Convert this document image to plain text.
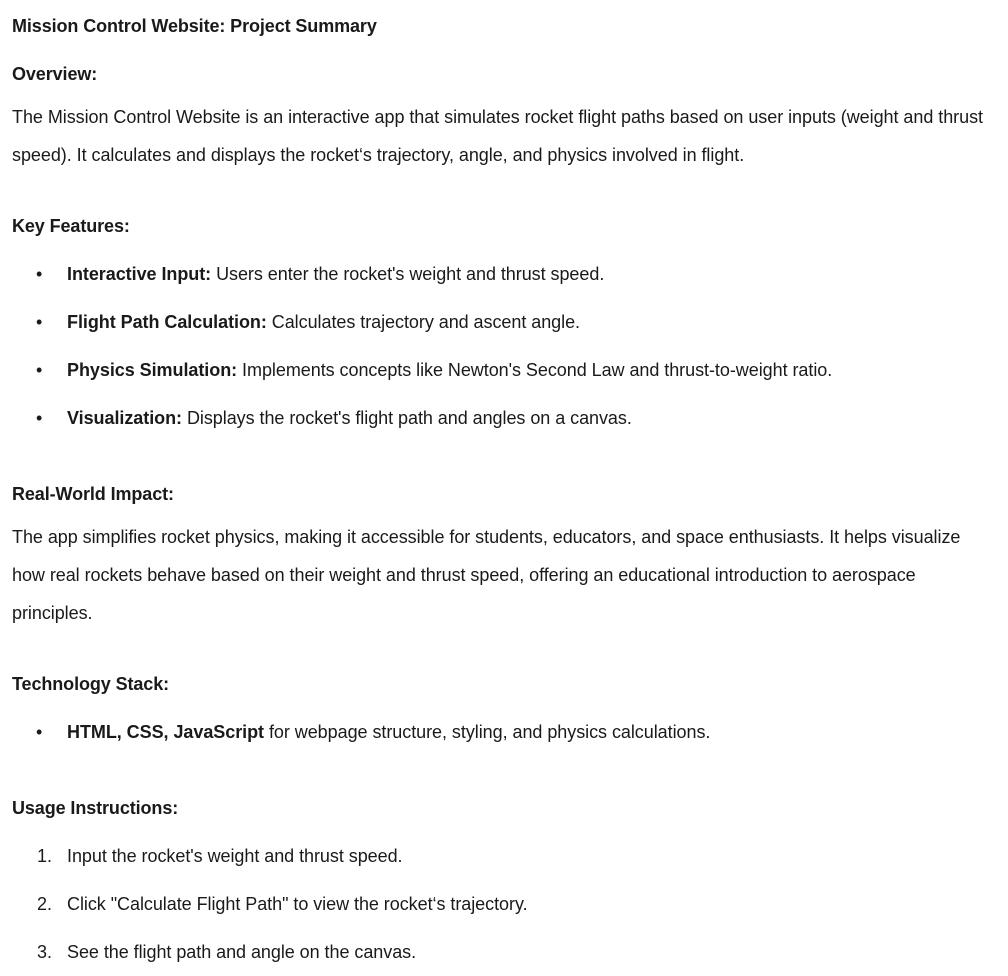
Mission Control Website: Project Summary
Overview:

The Mission Control Website is an interactive app that simulates rocket flight paths based on user inputs (weight and thrust speed). It calculates and displays the rocket‘s trajectory, angle, and physics involved in flight.

Key Features:
• Interactive Input: Users enter the rocket's weight and thrust speed.
• Flight Path Calculation: Calculates trajectory and ascent angle.
• Physics Simulation: Implements concepts like Newton's Second Law and thrust-to-weight ratio.
• Visualization: Displays the rocket's flight path and angles on a canvas.
Real-World Impact:

The app simplifies rocket physics, making it accessible for students, educators, and space enthusiasts. It helps visualize how real rockets behave based on their weight and thrust speed, offering an educational introduction to aerospace principles.

Technology Stack:
• HTML, CSS, JavaScript for webpage structure, styling, and physics calculations.
Usage Instructions:
1. Input the rocket's weight and thrust speed.
2. Click "Calculate Flight Path" to view the rocket‘s trajectory.
3. See the flight path and angle on the canvas.
